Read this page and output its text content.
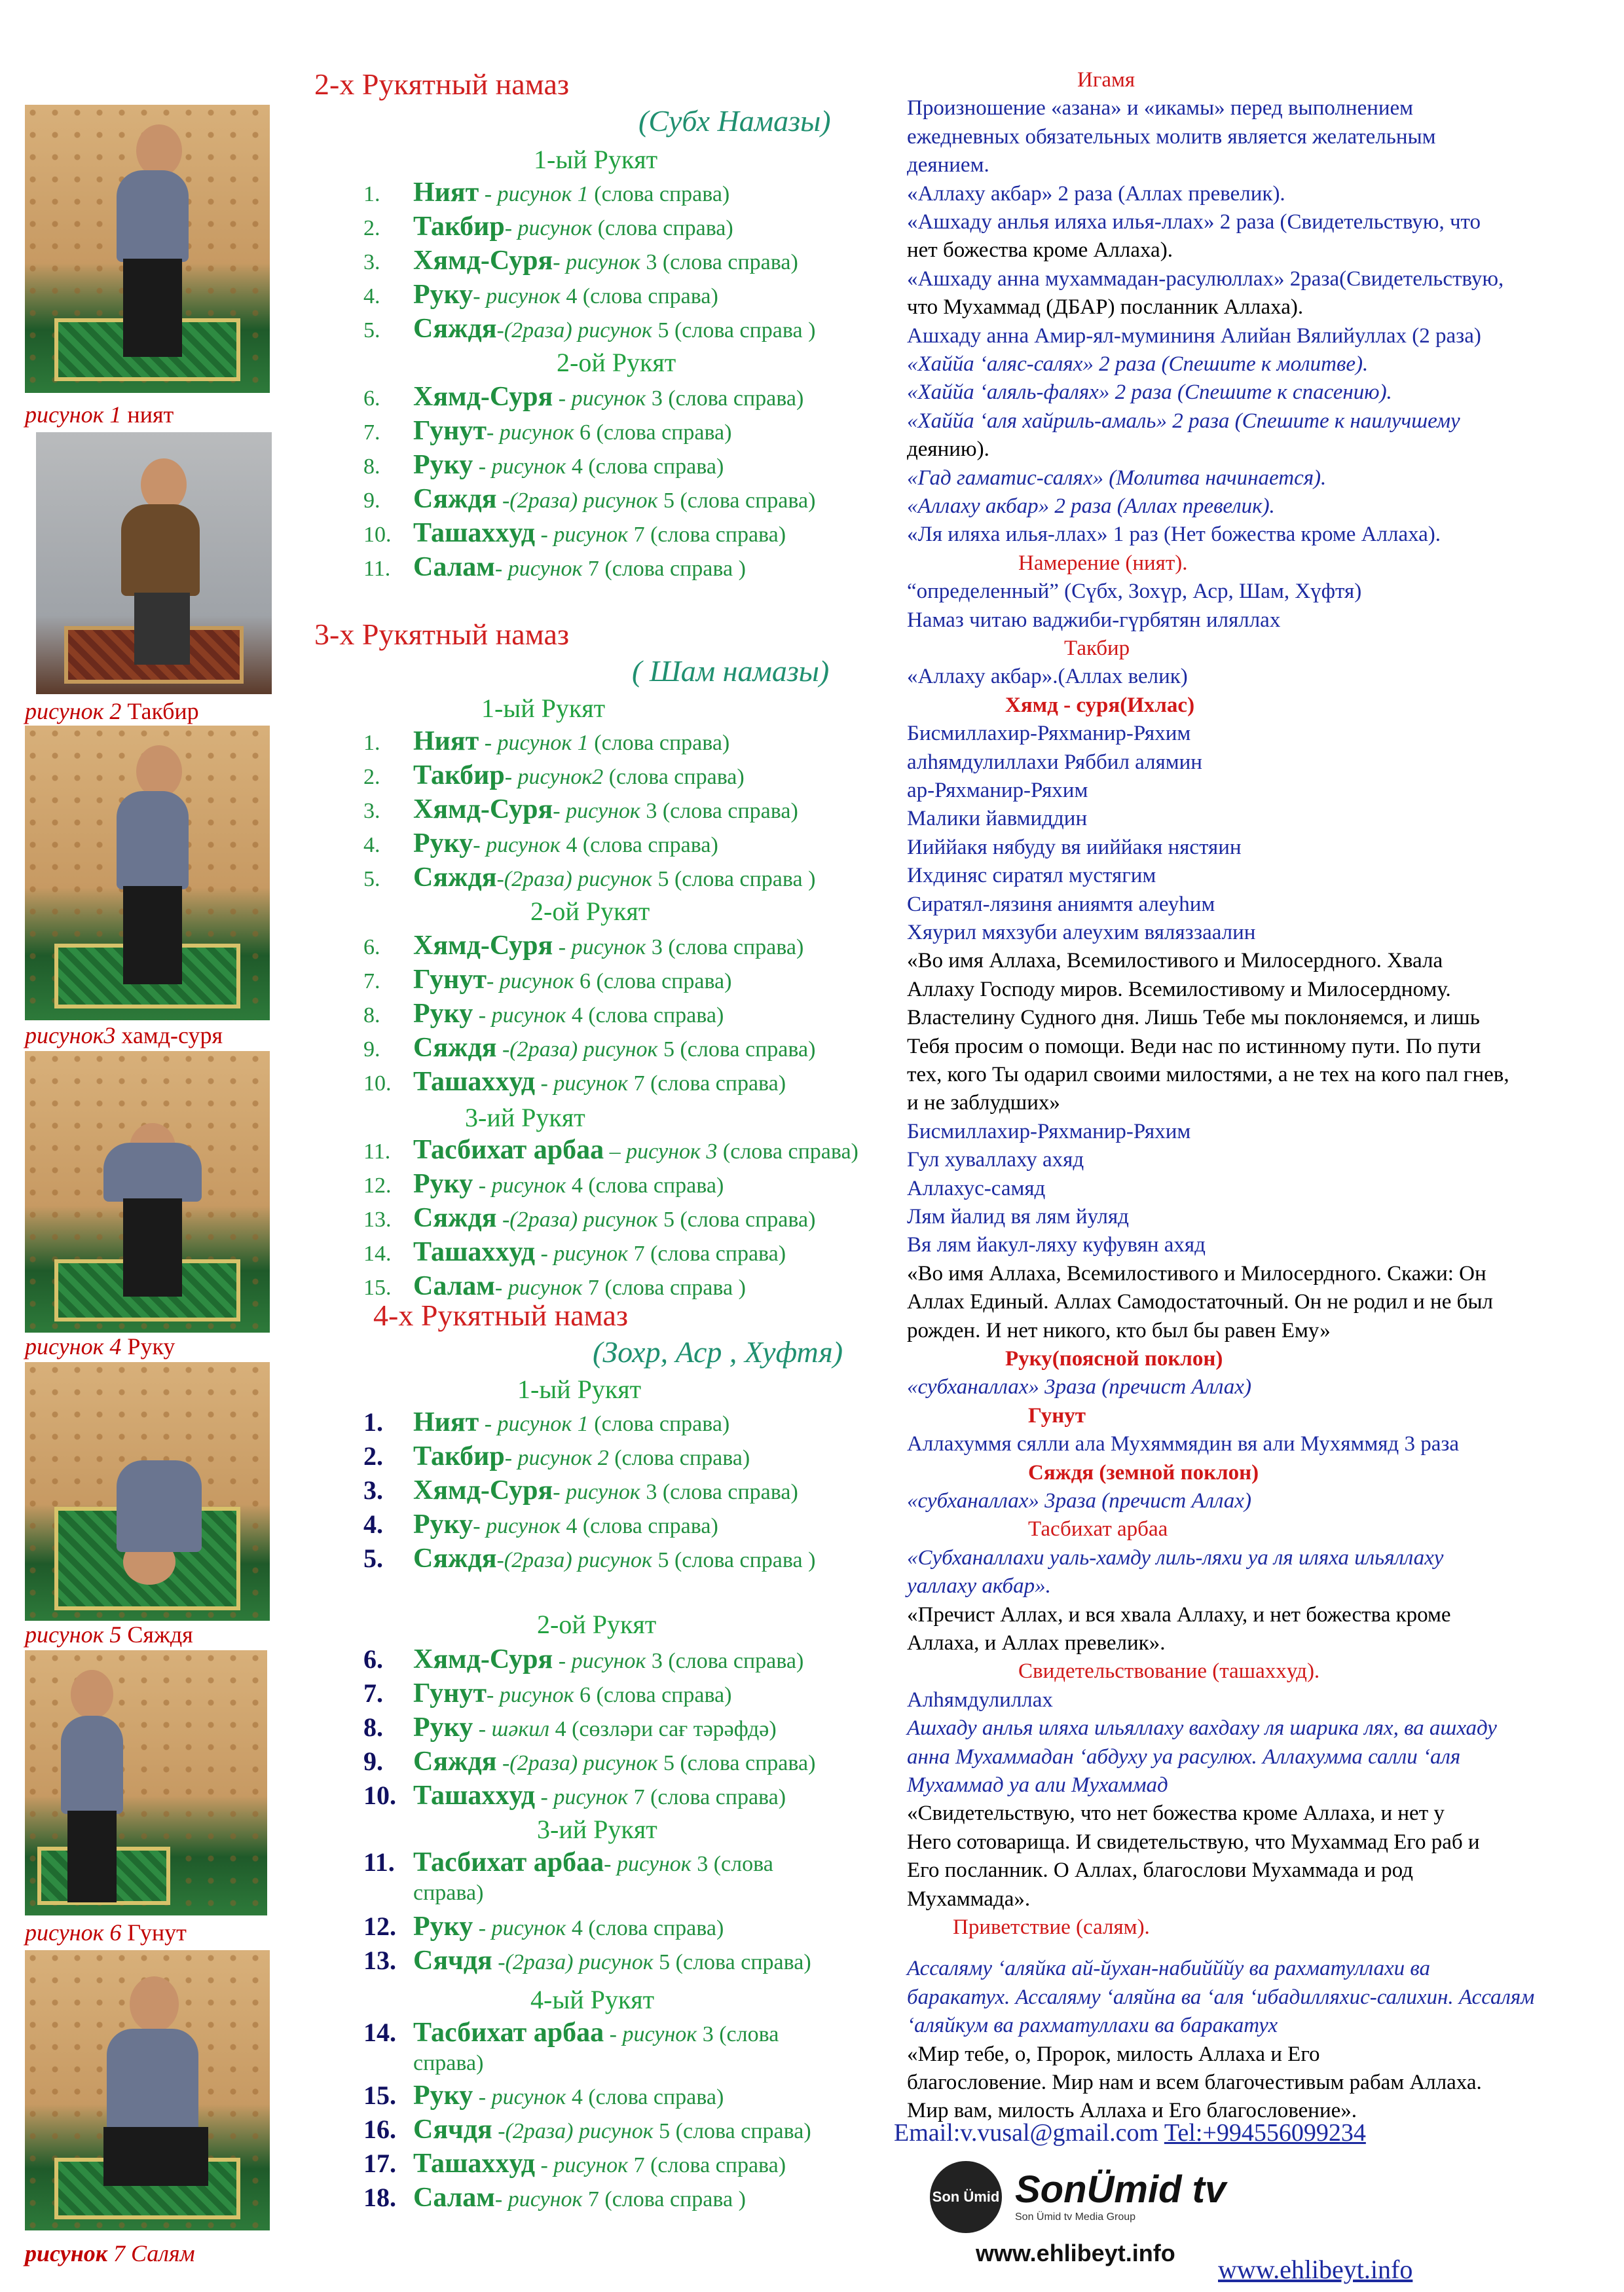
рисунок 1 ният
рисунок 2 Такбир
рисунок3 хамд-суря
рисунок 4 Руку
рисунок 5 Сяждя
рисунок 6 Гунут
рисунок 7 Салям
2-х Рукятный намаз
(Субх Намазы)
1-ый Рукят
1. Ният - рисунок 1 (слова справа)
2. Такбир- рисунок (слова справа)
3. Хямд-Суря- рисунок 3 (слова справа)
4. Руку- рисунок 4 (слова справа)
5. Сяждя-(2раза) рисунок 5 (слова справа )
6. Хямд-Суря - рисунок 3 (слова справа)
7. Гунут- рисунок 6 (слова справа)
8. Руку - рисунок 4 (слова справа)
9. Сяждя -(2раза) рисунок 5 (слова справа)
10. Ташахxуд - рисунок 7 (слова справа)
11. Салам- рисунок 7 (слова справа )
2-ой Рукят
3-х Рукятный намаз
( Шам намазы)
1-ый Рукят
1. Ният - рисунок 1 (слова справа)
2. Такбир- рисунок2 (слова справа)
3. Хямд-Суря- рисунок 3 (слова справа)
4. Руку- рисунок 4 (слова справа)
5. Сяждя-(2раза) рисунок 5 (слова справа )
6. Хямд-Суря - рисунок 3 (слова справа)
7. Гунут- рисунок 6 (слова справа)
8. Руку - рисунок 4 (слова справа)
9. Сяждя -(2раза) рисунок 5 (слова справа)
10. Ташахxуд - рисунок 7 (слова справа)
11. Тасбихат арбаа – рисунок 3 (слова справа)
12. Руку - рисунок 4 (слова справа)
13. Сяждя -(2раза) рисунок 5 (слова справа)
14. Ташахxуд - рисунок 7 (слова справа)
15. Салам- рисунок 7 (слова справа )
2-ой Рукят
3-ий Рукят
4-х Рукятный намаз
(Зохр, Аср , Хуфтя)
1-ый Рукят
1. Ният - рисунок 1 (слова справа)
2. Такбир- рисунок 2 (слова справа)
3. Хямд-Суря- рисунок 3 (слова справа)
4. Руку- рисунок 4 (слова справа)
5. Сяждя-(2раза) рисунок 5 (слова справа )
6. Хямд-Суря - рисунок 3 (слова справа)
7. Гунут- рисунок 6 (слова справа)
8. Руку - шәкил 4 (сөзләри сағ тәрәфдә)
9. Сяждя -(2раза) рисунок 5 (слова справа)
10. Ташахxуд - рисунок 7 (слова справа)
11. Тасбихат арбаа- рисунок 3 (слова
справа)
12. Руку - рисунок 4 (слова справа)
13. Сячдя -(2раза) рисунок 5 (слова справа)
14. Тасбихат арбаа - рисунок 3 (слова
справа)
15. Руку - рисунок 4 (слова справа)
16. Сячдя -(2раза) рисунок 5 (слова справа)
17. Ташахxуд - рисунок 7 (слова справа)
18. Салам- рисунок 7 (слова справа )
2-ой Рукят
3-ий Рукят
4-ый Рукят
Игамя
Произношение «азана» и «икамы» перед выполнением
ежедневных обязательных молитв является желательным
деянием.
«Аллаху акбар» 2 раза (Аллах превелик).
«Ашхаду анлья иляха илья-ллах» 2 раза (Свидетельствую, что
нет божества кроме Аллаха).
«Ашхаду анна мухаммадан-расулюллах» 2раза(Свидетельствую,
что Мухаммад (ДБАР) посланник Аллаха).
Ашхаду анна Амир-ял-мумининя Алийан Вялийуллах (2 раза)
«Хаййа ‘аляс-салях» 2 раза (Спешите к молитве).
«Хаййа ‘аляль-фалях» 2 раза (Спешите к спасению).
«Хаййа ‘аля хайриль-амаль» 2 раза (Спешите к наилучшему
деянию).
«Гад гаматис-салях» (Молитва начинается).
«Аллаху акбар» 2 раза (Аллах превелик).
«Ля иляха илья-ллах» 1 раз (Нет божества кроме Аллаха).
Намерение (ният).
“определенный” (Сүбх, Зохүр, Аср, Шам, Хүфтя)
Намаз читаю ваджиби-гүрбятян иляллах
Такбир
«Аллаху акбар».(Аллах велик)
Хямд - суря(Ихлас)
Бисмиллахир-Ряхманир-Ряхим
алһямдулиллахи Ряббил алямин
ар-Ряхманир-Ряхим
Малики йавмиддин
Ииййакя нябуду вя ииййакя нястяин
Ихдиняс сиратял мустягим
Сиратял-лязиня аниямтя алеуһим
Хяурил мяхзуби алеухим вяляззаалин
«Во имя Аллаха, Всемилостивого и Милосердного. Хвала
Аллаху Господу миров. Всемилостивому и Милосердному.
Властелину Судного дня. Лишь Тебе мы поклоняемся, и лишь
Тебя просим о помощи. Веди нас по истинному пути. По пути
тех, кого Ты одарил своими милостями, а не тех на кого пал гнев,
и не заблудших»
Бисмиллахир-Ряхманир-Ряхим
Гул хуваллаху ахяд
Аллахус-самяд
Лям йалид вя лям йуляд
Вя лям йакул-ляху куфувян ахяд
«Во имя Аллаха, Всемилостивого и Милосердного. Скажи: Он
Аллах Единый. Аллах Самодостаточный. Он не родил и не был
рожден. И нет никого, кто был бы равен Ему»
Руку(поясной поклон)
«субханаллах» 3раза (пречист Аллах)
Гунут
Аллахуммя сялли ала Мухяммядин вя али Мухяммяд 3 раза
Сяждя (земной поклон)
«субханаллах» 3раза (пречист Аллах)
Тасбихат арбаа
«Субханаллахи уаль-хамду лиль-ляхи уа ля иляха ильяллаху
уаллаху акбар».
«Пречист Аллах, и вся хвала Аллаху, и нет божества кроме
Аллаха, и Аллах превелик».
Свидетельствование (ташахxуд).
Алһямдулиллах
Ашхаду анлья иляха ильяллаху вахдаху ля шарика лях, ва ашхаду
анна Мухаммадан ‘абдуху уа расулюх. Аллахумма салли ‘аля
Мухаммад уа али Мухаммад
«Свидетельствую, что нет божества кроме Аллаха, и нет у
Него сотоварища. И свидетельствую, что Мухаммад Его раб и
Его посланник. О Аллах, благослови Мухаммада и род
Мухаммада».
Приветствие (салям).
Ассаляму ‘аляйка ай-йухан-набийййу ва рахматуллахи ва
баракатух. Ассаляму ‘аляйна ва ‘аля ‘ибадилляхис-салихин. Ассалям
‘аляйкум ва рахматуллахи ва баракатух
«Мир тебе, о, Пророк, милость Аллаха и Его
благословение. Мир нам и всем благочестивым рабам Аллаха.
Мир вам, милость Аллаха и Его благословение».
Email:v.vusal@gmail.com Tel:+994556099234
Son Ümid tv
SonÜmid tv
Son Ümid tv Media Group
www.ehlibeyt.info
www.ehlibeyt.info
